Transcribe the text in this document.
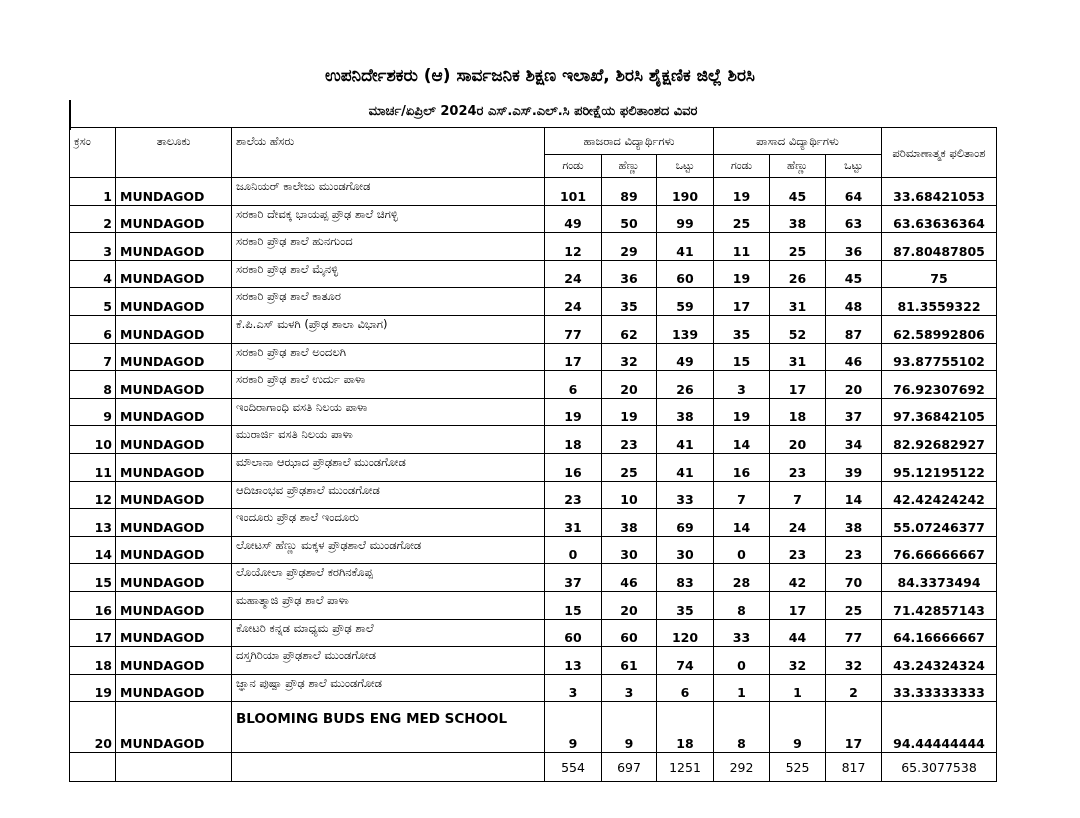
ಉಪನಿರ್ದೇಶಕರು (ಆ) ಸಾರ್ವಜನಿಕ ಶಿಕ್ಷಣ ಇಲಾಖೆ, ಶಿರಸಿ ಶೈಕ್ಷಣಿಕ ಜಿಲ್ಲೆ ಶಿರಸಿ
ಮಾರ್ಚ/ಏಪ್ರಿಲ್ 2024ರ ಎಸ್.ಎಸ್.ಎಲ್.ಸಿ ಪರೀಕ್ಷೆಯ ಫಲಿತಾಂಶದ ವಿವರ
ಕ್ರಸಂ	ತಾಲೂಕು	ಶಾಲೆಯ ಹೆಸರು	ಹಾಜರಾದ ವಿದ್ಯಾರ್ಥಿಗಳು			ಪಾಸಾದ ವಿದ್ಯಾರ್ಥಿಗಳು			ಪರಿಮಾಣಾತ್ಮಕ ಫಲಿತಾಂಶ
			ಗಂಡು	ಹೆಣ್ಣು	ಒಟ್ಟು	ಗಂಡು	ಹೆಣ್ಣು	ಒಟ್ಟು	
1	MUNDAGOD	ಜೂನಿಯರ್ ಕಾಲೇಜು ಮುಂಡಗೋಡ	101	89	190	19	45	64	33.68421053
2	MUNDAGOD	ಸರಕಾರಿ ದೇವಕ್ಕ ಭಾಯಪ್ಪ ಪ್ರೌಢ ಶಾಲೆ ಚಿಗಳ್ಳಿ	49	50	99	25	38	63	63.63636364
3	MUNDAGOD	ಸರಕಾರಿ ಪ್ರೌಢ ಶಾಲೆ ಹುನಗುಂದ	12	29	41	11	25	36	87.80487805
4	MUNDAGOD	ಸರಕಾರಿ ಪ್ರೌಢ ಶಾಲೆ ಮೈನಳ್ಳಿ	24	36	60	19	26	45	75
5	MUNDAGOD	ಸರಕಾರಿ ಪ್ರೌಢ ಶಾಲೆ ಕಾತೂರ	24	35	59	17	31	48	81.3559322
6	MUNDAGOD	ಕೆ.ಪಿ.ಎಸ್ ಮಳಗಿ (ಪ್ರೌಢ ಶಾಲಾ ವಿಭಾಗ)	77	62	139	35	52	87	62.58992806
7	MUNDAGOD	ಸರಕಾರಿ ಪ್ರೌಢ ಶಾಲೆ ಅಂದಲಗಿ	17	32	49	15	31	46	93.87755102
8	MUNDAGOD	ಸರಕಾರಿ ಪ್ರೌಢ ಶಾಲೆ ಉರ್ದು ಪಾಳಾ	6	20	26	3	17	20	76.92307692
9	MUNDAGOD	ಇಂದಿರಾಗಾಂಧಿ ವಸತಿ ನಿಲಯ ಪಾಳಾ	19	19	38	19	18	37	97.36842105
10	MUNDAGOD	ಮುರಾರ್ಜಿ ವಸತಿ ನಿಲಯ ಪಾಳಾ	18	23	41	14	20	34	82.92682927
11	MUNDAGOD	ಮೌಲಾನಾ ಆಝಾದ ಪ್ರೌಢಶಾಲೆ ಮುಂಡಗೋಡ	16	25	41	16	23	39	95.12195122
12	MUNDAGOD	ಆದಿಜಾಂಭವ ಪ್ರೌಢಶಾಲೆ ಮುಂಡಗೋಡ	23	10	33	7	7	14	42.42424242
13	MUNDAGOD	ಇಂದೂರು ಪ್ರೌಢ ಶಾಲೆ ಇಂದೂರು	31	38	69	14	24	38	55.07246377
14	MUNDAGOD	ಲೋಟಸ್ ಹೆಣ್ಣು ಮಕ್ಕಳ ಪ್ರೌಢಶಾಲೆ ಮುಂಡಗೋಡ	0	30	30	0	23	23	76.66666667
15	MUNDAGOD	ಲೊಯೋಲಾ ಪ್ರೌಢಶಾಲೆ ಕರಗಿನಕೊಪ್ಪ	37	46	83	28	42	70	84.3373494
16	MUNDAGOD	ಮಹಾತ್ಮಾಜಿ ಪ್ರೌಢ ಶಾಲೆ ಪಾಳಾ	15	20	35	8	17	25	71.42857143
17	MUNDAGOD	ಕೋಟರಿ ಕನ್ನಡ ಮಾಧ್ಯಮ ಪ್ರೌಢ ಶಾಲೆ	60	60	120	33	44	77	64.16666667
18	MUNDAGOD	ದಸ್ತಗಿರಿಯಾ ಪ್ರೌಢಶಾಲೆ ಮುಂಡಗೋಡ	13	61	74	0	32	32	43.24324324
19	MUNDAGOD	ಜ್ಞಾನ ಪುಷ್ಪಾ ಪ್ರೌಢ ಶಾಲೆ ಮುಂಡಗೋಡ	3	3	6	1	1	2	33.33333333
20	MUNDAGOD	BLOOMING BUDS ENG MED SCHOOL	9	9	18	8	9	17	94.44444444
			554	697	1251	292	525	817	65.3077538
